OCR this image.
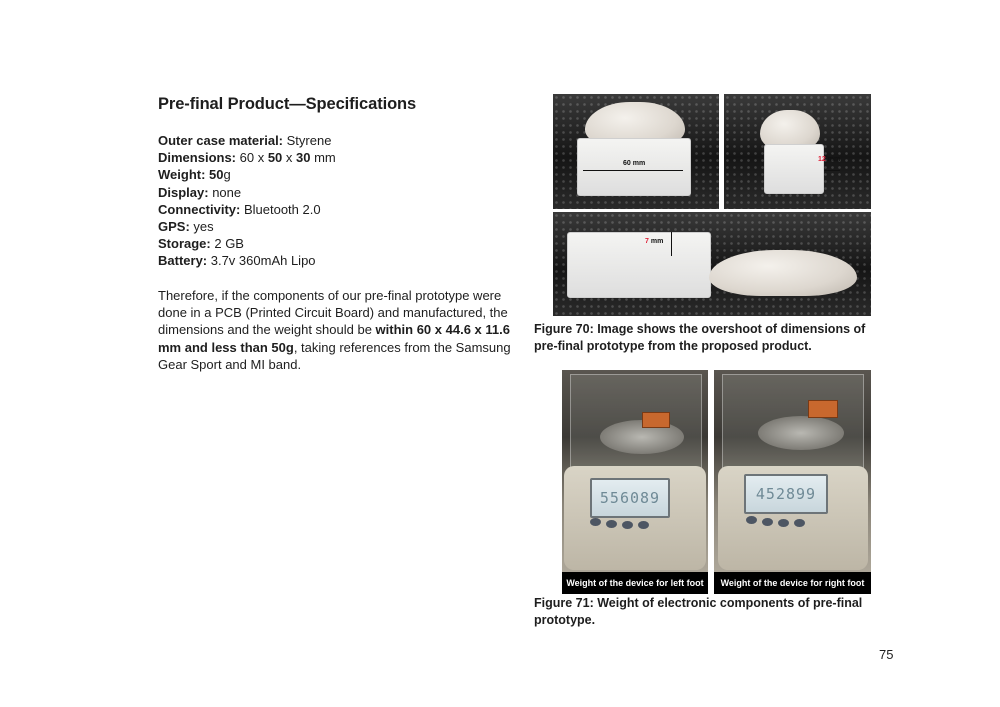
Pre-final Product—Specifications
Outer case material: Styrene
Dimensions: 60 x 50 x 30 mm
Weight: 50g
Display: none
Connectivity: Bluetooth 2.0
GPS: yes
Storage: 2 GB
Battery: 3.7v 360mAh Lipo
Therefore, if the components of our pre-final prototype were done in a PCB (Printed Circuit Board) and manufactured, the dimensions and the weight should be within 60 x 44.6 x 11.6 mm and less than 50g, taking references from the Samsung Gear Sport and MI band.
60 mm
12 mm
7 mm
Figure 70: Image shows the overshoot of dimensions of pre-final prototype from the proposed product.
556089
Weight of the device for left foot
452899
Weight of the device for right foot
Figure 71: Weight of electronic components of pre-final prototype.
75
